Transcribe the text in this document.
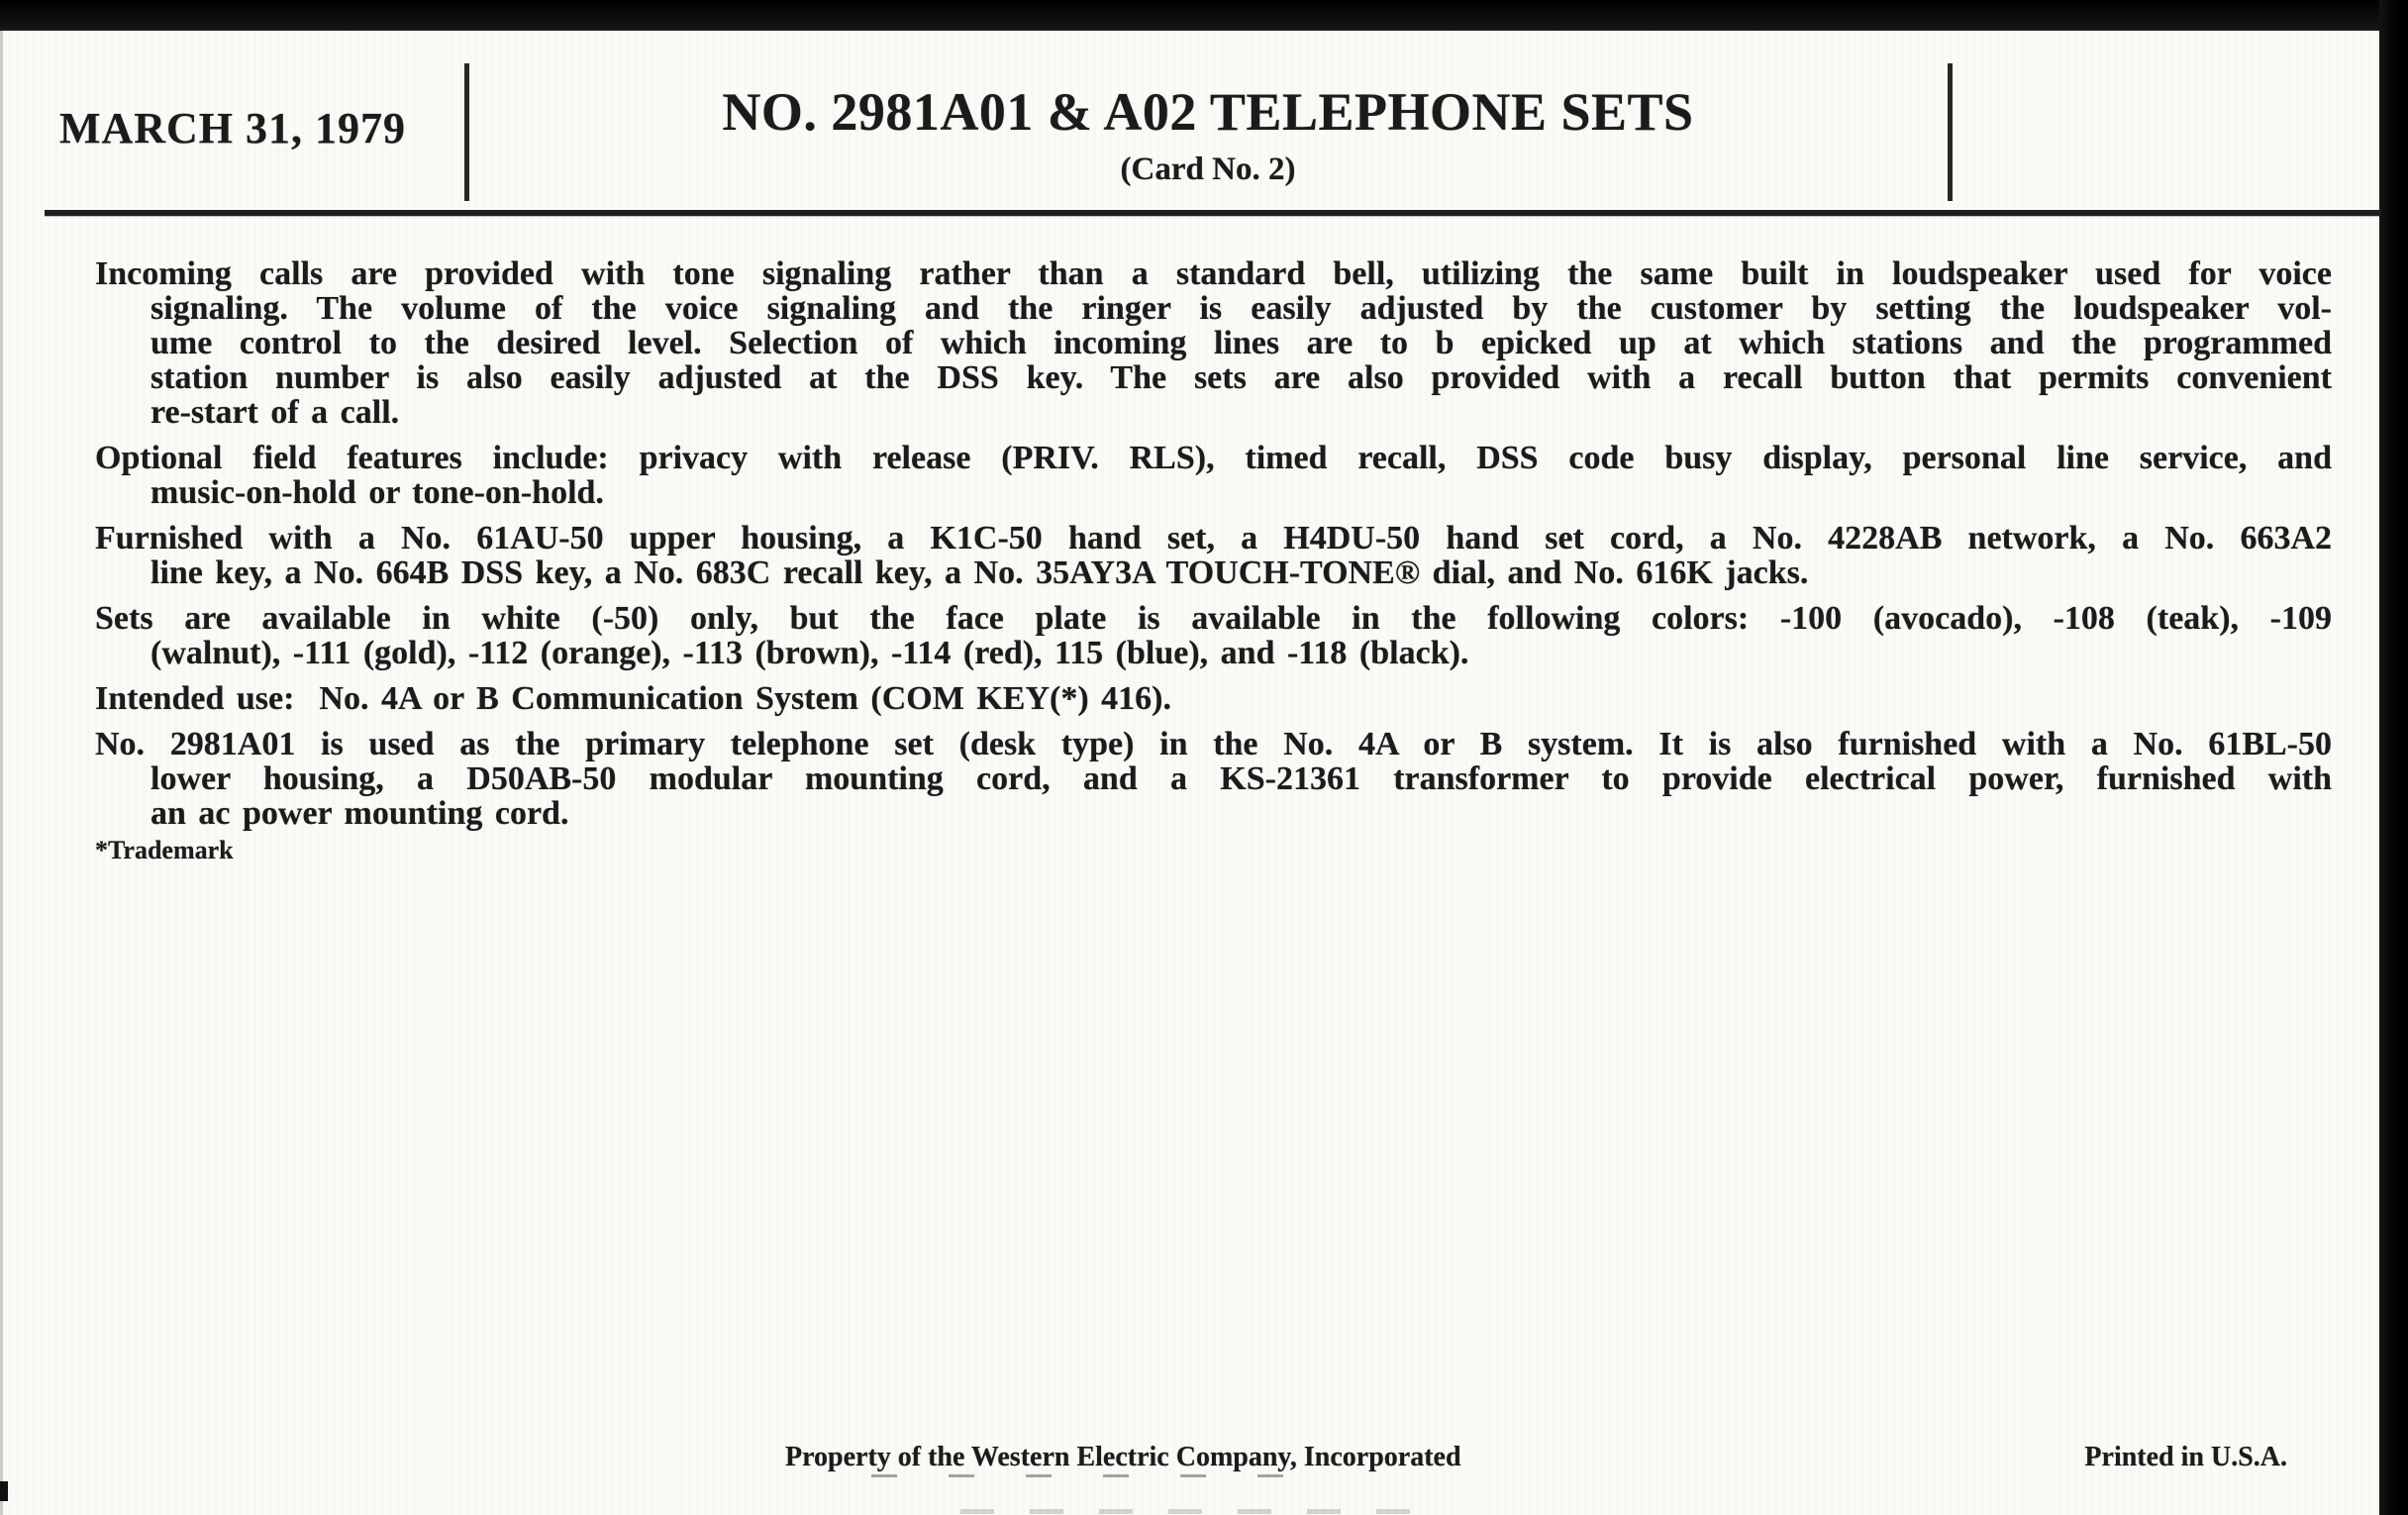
MARCH 31, 1979	NO. 2981A01 & A02 TELEPHONE SETS
(Card No. 2)
Incoming calls are provided with tone signaling rather than a standard bell, utilizing the same built in loudspeaker used for voice
signaling. The volume of the voice signaling and the ringer is easily adjusted by the customer by setting the loudspeaker vol-
ume control to the desired level. Selection of which incoming lines are to b epicked up at which stations and the programmed
station number is also easily adjusted at the DSS key. The sets are also provided with a recall button that permits convenient
re-start of a call.
Optional field features include: privacy with release (PRIV. RLS), timed recall, DSS code busy display, personal line service, and
music-on-hold or tone-on-hold.
Furnished with a No. 61AU-50 upper housing, a K1C-50 hand set, a H4DU-50 hand set cord, a No. 4228AB network, a No. 663A2
line key, a No. 664B DSS key, a No. 683C recall key, a No. 35AY3A TOUCH-TONE® dial, and No. 616K jacks.
Sets are available in white (-50) only, but the face plate is available in the following colors: -100 (avocado), -108 (teak), -109
(walnut), -111 (gold), -112 (orange), -113 (brown), -114 (red), 115 (blue), and -118 (black).
Intended use:  No. 4A or B Communication System (COM KEY(*) 416).
No. 2981A01 is used as the primary telephone set (desk type) in the No. 4A or B system. It is also furnished with a No. 61BL-50
lower housing, a D50AB-50 modular mounting cord, and a KS-21361 transformer to provide electrical power, furnished with
an ac power mounting cord.
*Trademark
Property of the Western Electric Company, Incorporated	Printed in U.S.A.
